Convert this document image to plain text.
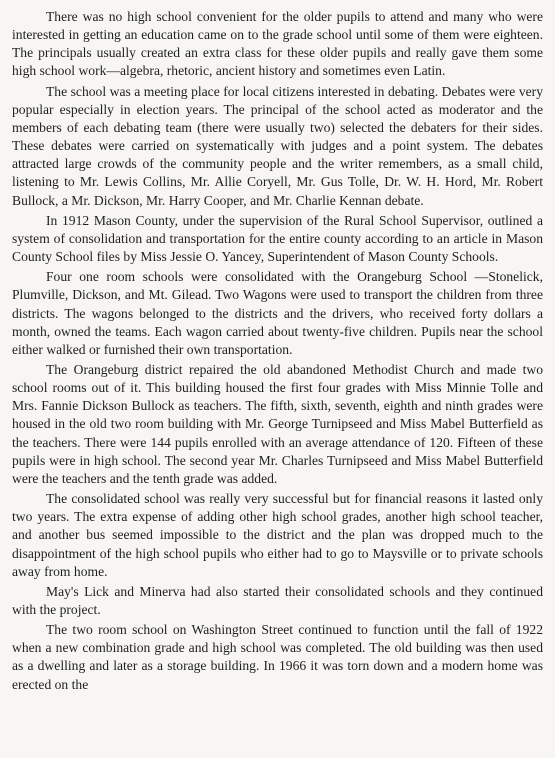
There was no high school convenient for the older pupils to attend and many who were interested in getting an education came on to the grade school until some of them were eighteen. The principals usually created an extra class for these older pupils and really gave them some high school work—algebra, rhetoric, ancient history and sometimes even Latin.

The school was a meeting place for local citizens interested in debating. Debates were very popular especially in election years. The principal of the school acted as moderator and the members of each debating team (there were usually two) selected the debaters for their sides. These debates were carried on systematically with judges and a point system. The debates attracted large crowds of the community people and the writer remembers, as a small child, listening to Mr. Lewis Collins, Mr. Allie Coryell, Mr. Gus Tolle, Dr. W. H. Hord, Mr. Robert Bullock, a Mr. Dickson, Mr. Harry Cooper, and Mr. Charlie Kennan debate.

In 1912 Mason County, under the supervision of the Rural School Supervisor, outlined a system of consolidation and transportation for the entire county according to an article in Mason County School files by Miss Jessie O. Yancey, Superintendent of Mason County Schools.

Four one room schools were consolidated with the Orangeburg School —Stonelick, Plumville, Dickson, and Mt. Gilead. Two Wagons were used to transport the children from three districts. The wagons belonged to the districts and the drivers, who received forty dollars a month, owned the teams. Each wagon carried about twenty-five children. Pupils near the school either walked or furnished their own transportation.

The Orangeburg district repaired the old abandoned Methodist Church and made two school rooms out of it. This building housed the first four grades with Miss Minnie Tolle and Mrs. Fannie Dickson Bullock as teachers. The fifth, sixth, seventh, eighth and ninth grades were housed in the old two room building with Mr. George Turnipseed and Miss Mabel Butterfield as the teachers. There were 144 pupils enrolled with an average attendance of 120. Fifteen of these pupils were in high school. The second year Mr. Charles Turnipseed and Miss Mabel Butterfield were the teachers and the tenth grade was added.

The consolidated school was really very successful but for financial reasons it lasted only two years. The extra expense of adding other high school grades, another high school teacher, and another bus seemed impossible to the district and the plan was dropped much to the disappointment of the high school pupils who either had to go to Maysville or to private schools away from home.

May's Lick and Minerva had also started their consolidated schools and they continued with the project.

The two room school on Washington Street continued to function until the fall of 1922 when a new combination grade and high school was completed. The old building was then used as a dwelling and later as a storage building. In 1966 it was torn down and a modern home was erected on the
